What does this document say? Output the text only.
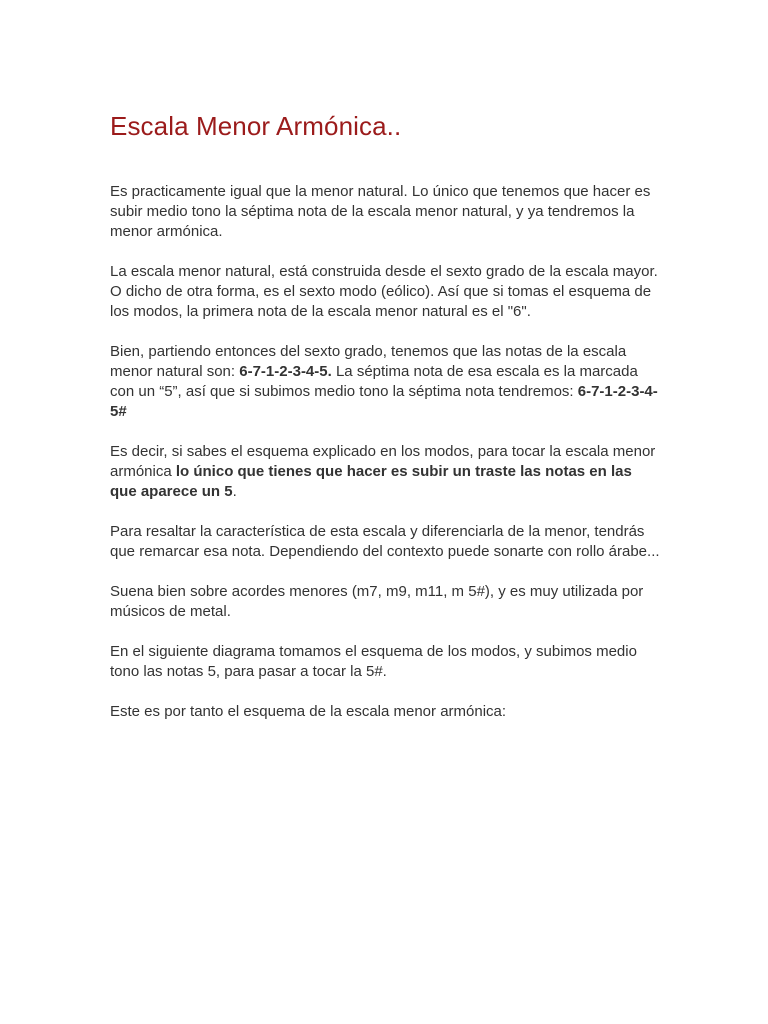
Escala Menor Armónica..

Es practicamente igual que la menor natural. Lo único que tenemos que hacer es subir medio tono la séptima nota de la escala menor natural, y ya tendremos la menor armónica.

La escala menor natural, está construida desde el sexto grado de la escala mayor. O dicho de otra forma, es el sexto modo (eólico). Así que si tomas el esquema de los modos, la primera nota de la escala menor natural es el "6".

Bien, partiendo entonces del sexto grado, tenemos que las notas de la escala menor natural son: 6-7-1-2-3-4-5. La séptima nota de esa escala es la marcada con un “5”, así que si subimos medio tono la séptima nota tendremos: 6-7-1-2-3-4-5#

Es decir, si sabes el esquema explicado en los modos, para tocar la escala menor armónica lo único que tienes que hacer es subir un traste las notas en las que aparece un 5.

Para resaltar la característica de esta escala y diferenciarla de la menor, tendrás que remarcar esa nota. Dependiendo del contexto puede sonarte con rollo árabe...

Suena bien sobre acordes menores (m7, m9, m11, m 5#), y es muy utilizada por músicos de metal.

En el siguiente diagrama tomamos el esquema de los modos, y subimos medio tono las notas 5, para pasar a tocar la 5#.

Este es por tanto el esquema de la escala menor armónica:
